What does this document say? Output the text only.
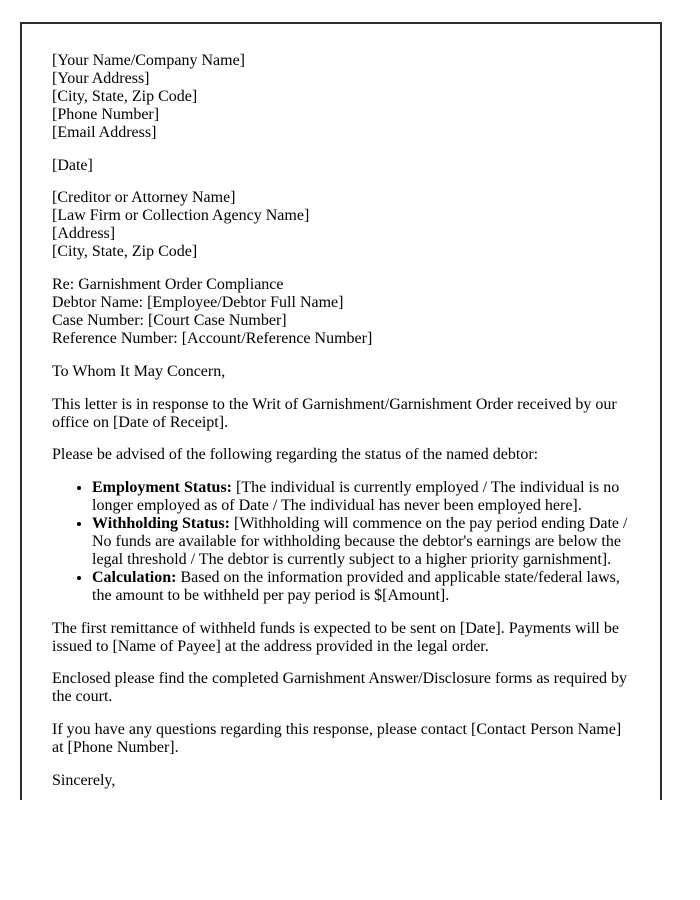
[Your Name/Company Name]
[Your Address]
[City, State, Zip Code]
[Phone Number]
[Email Address]

[Date]

[Creditor or Attorney Name]
[Law Firm or Collection Agency Name]
[Address]
[City, State, Zip Code]

Re: Garnishment Order Compliance
Debtor Name: [Employee/Debtor Full Name]
Case Number: [Court Case Number]
Reference Number: [Account/Reference Number]

To Whom It May Concern,

This letter is in response to the Writ of Garnishment/Garnishment Order received by our office on [Date of Receipt].

Please be advised of the following regarding the status of the named debtor:

• Employment Status: [The individual is currently employed / The individual is no longer employed as of Date / The individual has never been employed here].
• Withholding Status: [Withholding will commence on the pay period ending Date / No funds are available for withholding because the debtor's earnings are below the legal threshold / The debtor is currently subject to a higher priority garnishment].
• Calculation: Based on the information provided and applicable state/federal laws, the amount to be withheld per pay period is $[Amount].

The first remittance of withheld funds is expected to be sent on [Date]. Payments will be issued to [Name of Payee] at the address provided in the legal order.

Enclosed please find the completed Garnishment Answer/Disclosure forms as required by the court.

If you have any questions regarding this response, please contact [Contact Person Name] at [Phone Number].

Sincerely,
